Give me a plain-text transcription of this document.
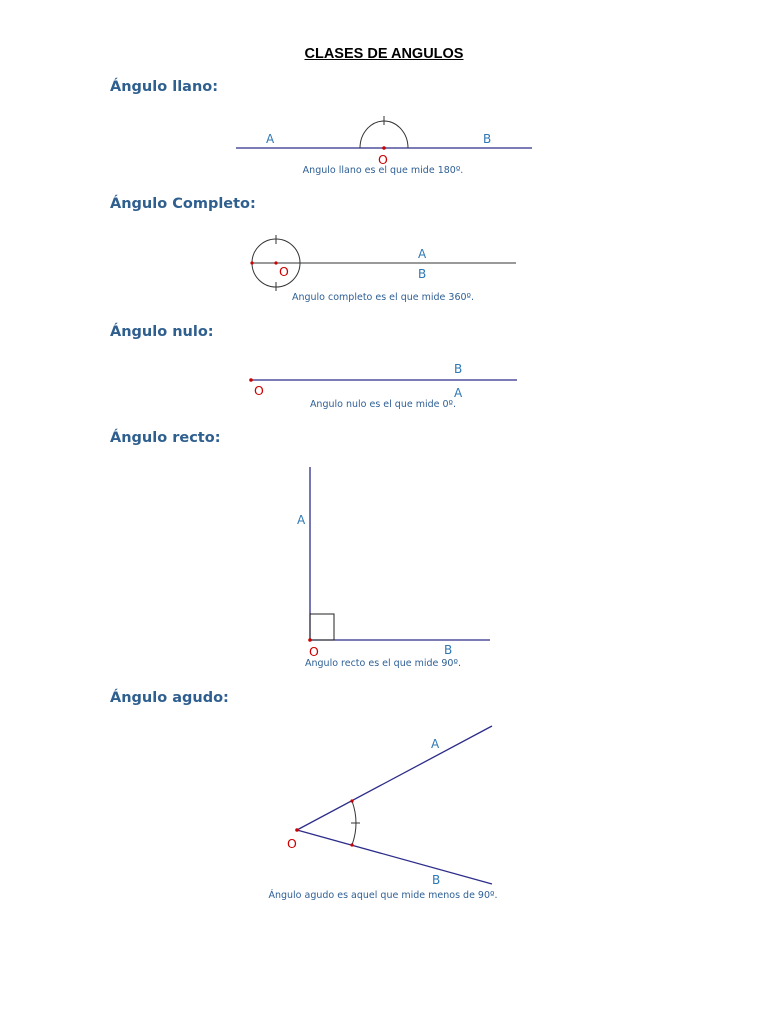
CLASES DE ANGULOS
Ángulo llano:
Ángulo Completo:
Ángulo nulo:
Ángulo recto:
Ángulo agudo:
A	B
O
Angulo llano es el que mide 180º.
A
B
O
Angulo completo es el que mide 360º.
B
A
O
Angulo nulo es el que mide 0º.
A
B
O
Angulo recto es el que mide 90º.
A
B
O
Ángulo agudo es aquel que mide menos de 90º.
